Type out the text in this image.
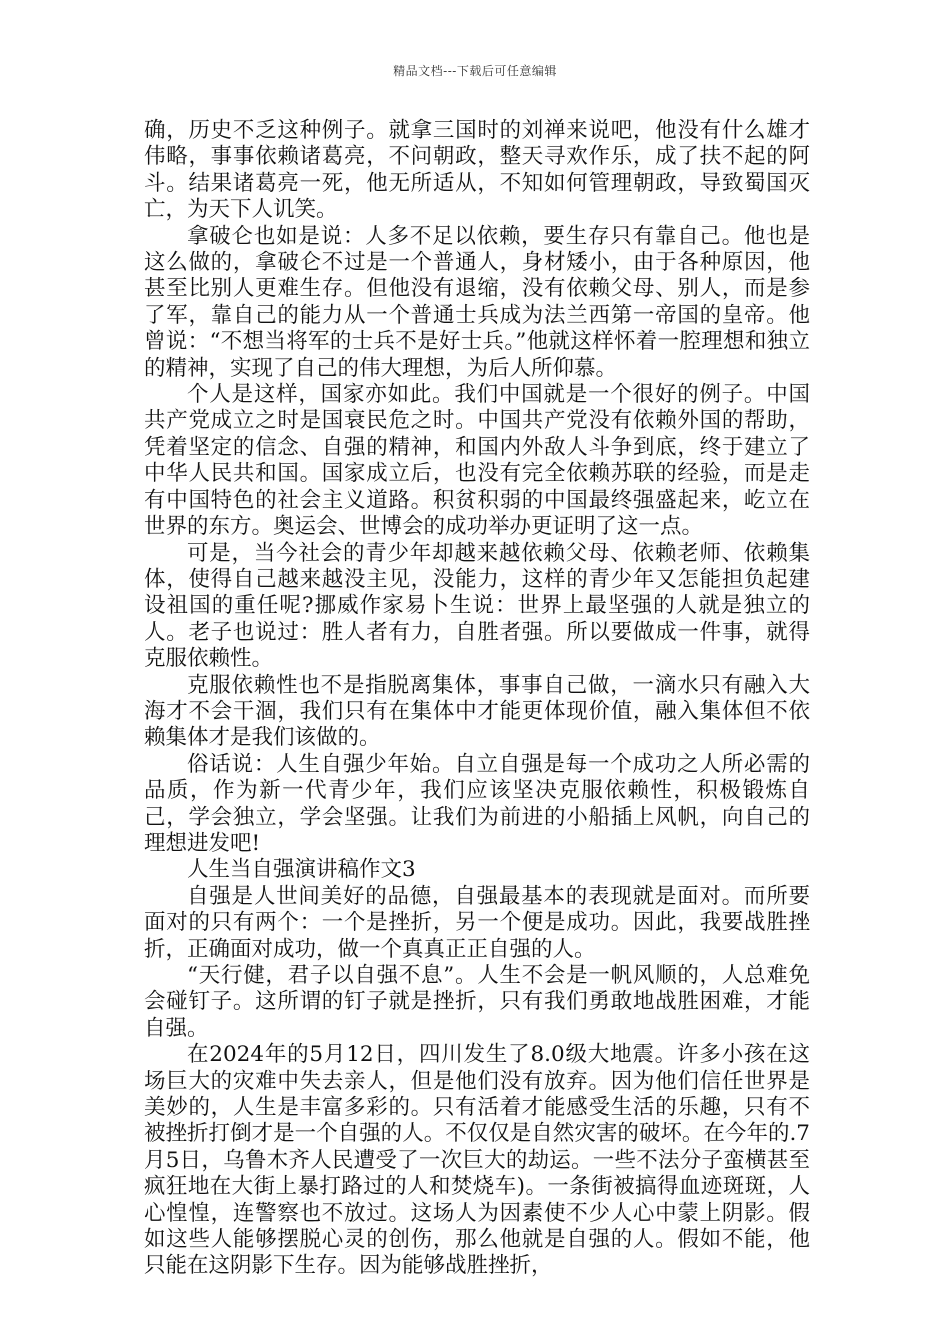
精品文档---下载后可任意编辑

确，历史不乏这种例子。就拿三国时的刘禅来说吧，他没有什么雄才伟略，事事依赖诸葛亮，不问朝政，整天寻欢作乐，成了扶不起的阿斗。结果诸葛亮一死，他无所适从，不知如何管理朝政，导致蜀国灭亡，为天下人讥笑。

拿破仑也如是说：人多不足以依赖，要生存只有靠自己。他也是这么做的，拿破仑不过是一个普通人，身材矮小，由于各种原因，他甚至比别人更难生存。但他没有退缩，没有依赖父母、别人，而是参了军，靠自己的能力从一个普通士兵成为法兰西第一帝国的皇帝。他曾说：“不想当将军的士兵不是好士兵。”他就这样怀着一腔理想和独立的精神，实现了自己的伟大理想，为后人所仰慕。

个人是这样，国家亦如此。我们中国就是一个很好的例子。中国共产党成立之时是国衰民危之时。中国共产党没有依赖外国的帮助，凭着坚定的信念、自强的精神，和国内外敌人斗争到底，终于建立了中华人民共和国。国家成立后，也没有完全依赖苏联的经验，而是走有中国特色的社会主义道路。积贫积弱的中国最终强盛起来，屹立在世界的东方。奥运会、世博会的成功举办更证明了这一点。

可是，当今社会的青少年却越来越依赖父母、依赖老师、依赖集体，使得自己越来越没主见，没能力，这样的青少年又怎能担负起建设祖国的重任呢?挪威作家易卜生说：世界上最坚强的人就是独立的人。老子也说过：胜人者有力，自胜者强。所以要做成一件事，就得克服依赖性。

克服依赖性也不是指脱离集体，事事自己做，一滴水只有融入大海才不会干涸，我们只有在集体中才能更体现价值，融入集体但不依赖集体才是我们该做的。

俗话说：人生自强少年始。自立自强是每一个成功之人所必需的品质，作为新一代青少年，我们应该坚决克服依赖性，积极锻炼自己，学会独立，学会坚强。让我们为前进的小船插上风帆，向自己的理想进发吧!

人生当自强演讲稿作文3

自强是人世间美好的品德，自强最基本的表现就是面对。而所要面对的只有两个：一个是挫折，另一个便是成功。因此，我要战胜挫折，正确面对成功，做一个真真正正自强的人。

“天行健，君子以自强不息”。人生不会是一帆风顺的，人总难免会碰钉子。这所谓的钉子就是挫折，只有我们勇敢地战胜困难，才能自强。

在2024年的5月12日，四川发生了8.0级大地震。许多小孩在这场巨大的灾难中失去亲人，但是他们没有放弃。因为他们信任世界是美妙的，人生是丰富多彩的。只有活着才能感受生活的乐趣，只有不被挫折打倒才是一个自强的人。不仅仅是自然灾害的破坏。在今年的.7月5日，乌鲁木齐人民遭受了一次巨大的劫运。一些不法分子蛮横甚至疯狂地在大街上暴打路过的人和焚烧车)。一条街被搞得血迹斑斑，人心惶惶，连警察也不放过。这场人为因素使不少人心中蒙上阴影。假如这些人能够摆脱心灵的创伤，那么他就是自强的人。假如不能，他只能在这阴影下生存。因为能够战胜挫折，
